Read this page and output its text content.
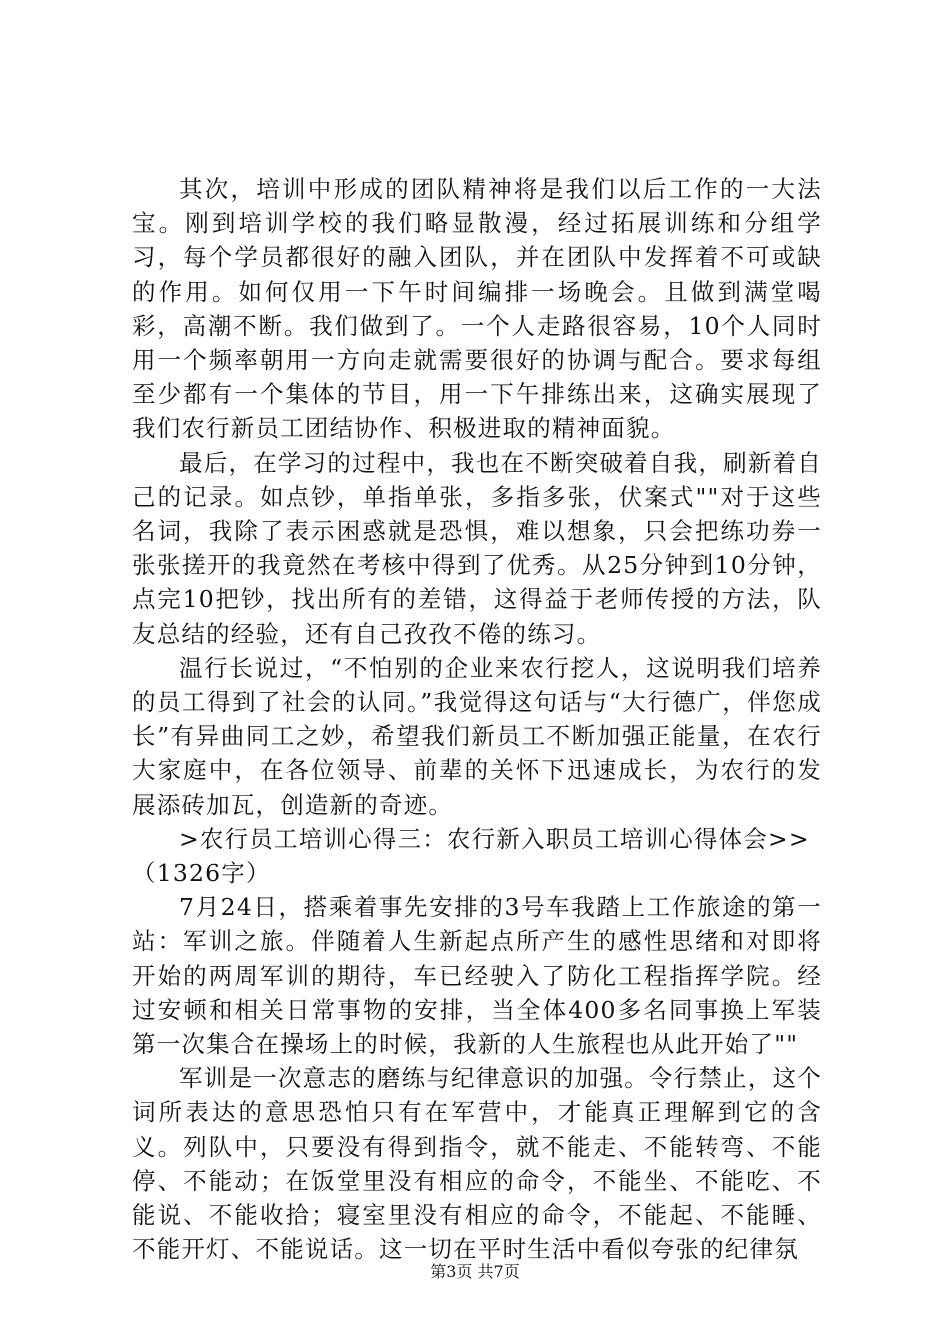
其次，培训中形成的团队精神将是我们以后工作的一大法宝。刚到培训学校的我们略显散漫，经过拓展训练和分组学习，每个学员都很好的融入团队，并在团队中发挥着不可或缺的作用。如何仅用一下午时间编排一场晚会。且做到满堂喝彩，高潮不断。我们做到了。一个人走路很容易，10个人同时用一个频率朝用一方向走就需要很好的协调与配合。要求每组至少都有一个集体的节目，用一下午排练出来，这确实展现了我们农行新员工团结协作、积极进取的精神面貌。

最后，在学习的过程中，我也在不断突破着自我，刷新着自己的记录。如点钞，单指单张，多指多张，伏案式""对于这些名词，我除了表示困惑就是恐惧，难以想象，只会把练功券一张张搓开的我竟然在考核中得到了优秀。从25分钟到10分钟，点完10把钞，找出所有的差错，这得益于老师传授的方法，队友总结的经验，还有自己孜孜不倦的练习。

温行长说过，“不怕别的企业来农行挖人，这说明我们培养的员工得到了社会的认同。”我觉得这句话与“大行德广，伴您成长”有异曲同工之妙，希望我们新员工不断加强正能量，在农行大家庭中，在各位领导、前辈的关怀下迅速成长，为农行的发展添砖加瓦，创造新的奇迹。

>农行员工培训心得三：农行新入职员工培训心得体会>>

（1326字）

7月24日，搭乘着事先安排的3号车我踏上工作旅途的第一站：军训之旅。伴随着人生新起点所产生的感性思绪和对即将开始的两周军训的期待，车已经驶入了防化工程指挥学院。经过安顿和相关日常事物的安排，当全体400多名同事换上军装第一次集合在操场上的时候，我新的人生旅程也从此开始了""

军训是一次意志的磨练与纪律意识的加强。令行禁止，这个词所表达的意思恐怕只有在军营中，才能真正理解到它的含义。列队中，只要没有得到指令，就不能走、不能转弯、不能停、不能动；在饭堂里没有相应的命令，不能坐、不能吃、不能说、不能收拾；寝室里没有相应的命令，不能起、不能睡、不能开灯、不能说话。这一切在平时生活中看似夸张的纪律氛

第3页 共7页
